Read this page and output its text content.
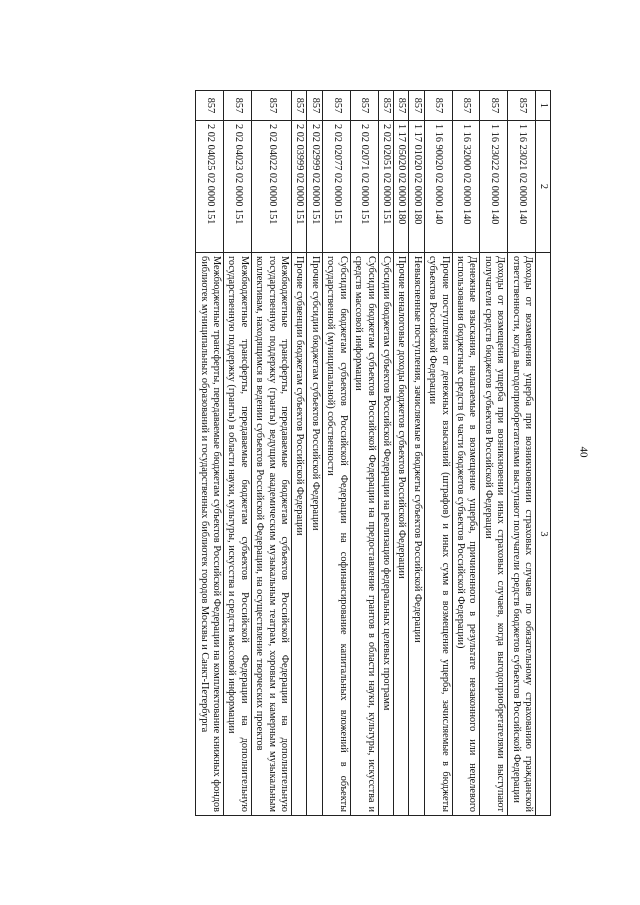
40
1	2	3
857	1 16 23021 02 0000 140	Доходы от возмещения ущерба при возникновении страховых случаев по обязательному страхованию гражданской ответственности, когда выгодоприобретателями выступают получатели средств бюджетов субъектов Российской Федерации
857	1 16 23022 02 0000 140	Доходы от возмещения ущерба при возникновении иных страховых случаев, когда выгодоприобретателями выступают получатели средств бюджетов субъектов Российской Федерации
857	1 16 32000 02 0000 140	Денежные взыскания, налагаемые в возмещение ущерба, причиненного в результате незаконного или нецелевого использования бюджетных средств (в части бюджетов субъектов Российской Федерации)
857	1 16 90020 02 0000 140	Прочие поступления от денежных взысканий (штрафов) и иных сумм в возмещение ущерба, зачисляемые в бюджеты субъектов Российской Федерации
857	1 17 01020 02 0000 180	Невыясненные поступления, зачисляемые в бюджеты субъектов Российской Федерации
857	1 17 05020 02 0000 180	Прочие неналоговые доходы бюджетов субъектов Российской Федерации
857	2 02 02051 02 0000 151	Субсидии бюджетам субъектов Российской Федерации на реализацию федеральных целевых программ
857	2 02 02071 02 0000 151	Субсидии бюджетам субъектов Российской Федерации на предоставление грантов в области науки, культуры, искусства и средств массовой информации
857	2 02 02077 02 0000 151	Субсидии бюджетам субъектов Российской Федерации на софинансирование капитальных вложений в объекты государственной (муниципальной) собственности
857	2 02 02999 02 0000 151	Прочие субсидии бюджетам субъектов Российской Федерации
857	2 02 03999 02 0000 151	Прочие субвенции бюджетам субъектов Российской Федерации
857	2 02 04022 02 0000 151	Межбюджетные трансферты, передаваемые бюджетам субъектов Российской Федерации на дополнительную государственную поддержку (гранты) ведущим академическим музыкальным театрам, хоровым и камерным музыкальным коллективам, находящимся в ведении субъектов Российской Федерации, на осуществление творческих проектов
857	2 02 04023 02 0000 151	Межбюджетные трансферты, передаваемые бюджетам субъектов Российской Федерации на дополнительную государственную поддержку (гранты) в области науки, культуры, искусства и средств массовой информации
857	2 02 04025 02 0000 151	Межбюджетные трансферты, передаваемые бюджетам субъектов Российской Федерации на комплектование книжных фондов библиотек муниципальных образований и государственных библиотек городов Москвы и Санкт-Петербурга
